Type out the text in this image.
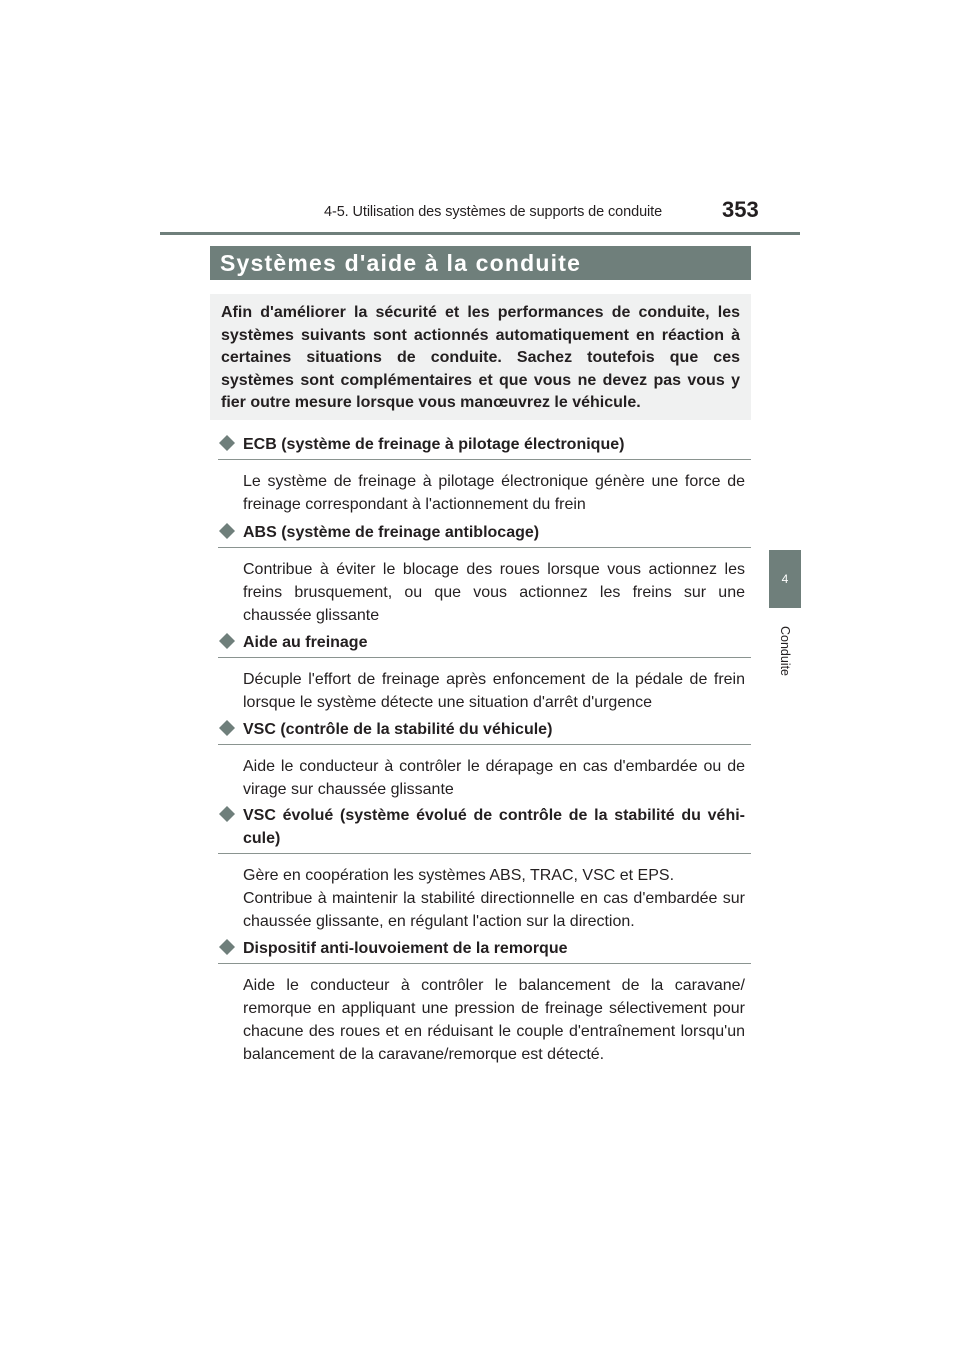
4-5. Utilisation des systèmes de supports de conduite	353
4
Conduite
Systèmes d'aide à la conduite

Afin d'améliorer la sécurité et les performances de conduite, les systèmes suivants sont actionnés automatiquement en réaction à certaines situations de conduite. Sachez toutefois que ces systèmes sont complémentaires et que vous ne devez pas vous y fier outre mesure lorsque vous manœuvrez le véhicule.

ECB (système de freinage à pilotage électronique)
Le système de freinage à pilotage électronique génère une force de freinage correspondant à l'actionnement du frein
ABS (système de freinage antiblocage)
Contribue à éviter le blocage des roues lorsque vous actionnez les freins brusquement, ou que vous actionnez les freins sur une chaussée glissante
Aide au freinage
Décuple l'effort de freinage après enfoncement de la pédale de frein lorsque le système détecte une situation d'arrêt d'urgence
VSC (contrôle de la stabilité du véhicule)
Aide le conducteur à contrôler le dérapage en cas d'embardée ou de virage sur chaussée glissante
VSC évolué (système évolué de contrôle de la stabilité du véhi-cule)
Gère en coopération les systèmes ABS, TRAC, VSC et EPS.
Contribue à maintenir la stabilité directionnelle en cas d'embardée sur chaussée glissante, en régulant l'action sur la direction.
Dispositif anti-louvoiement de la remorque
Aide le conducteur à contrôler le balancement de la caravane/ remorque en appliquant une pression de freinage sélectivement pour chacune des roues et en réduisant le couple d'entraînement lorsqu'un balancement de la caravane/remorque est détecté.
